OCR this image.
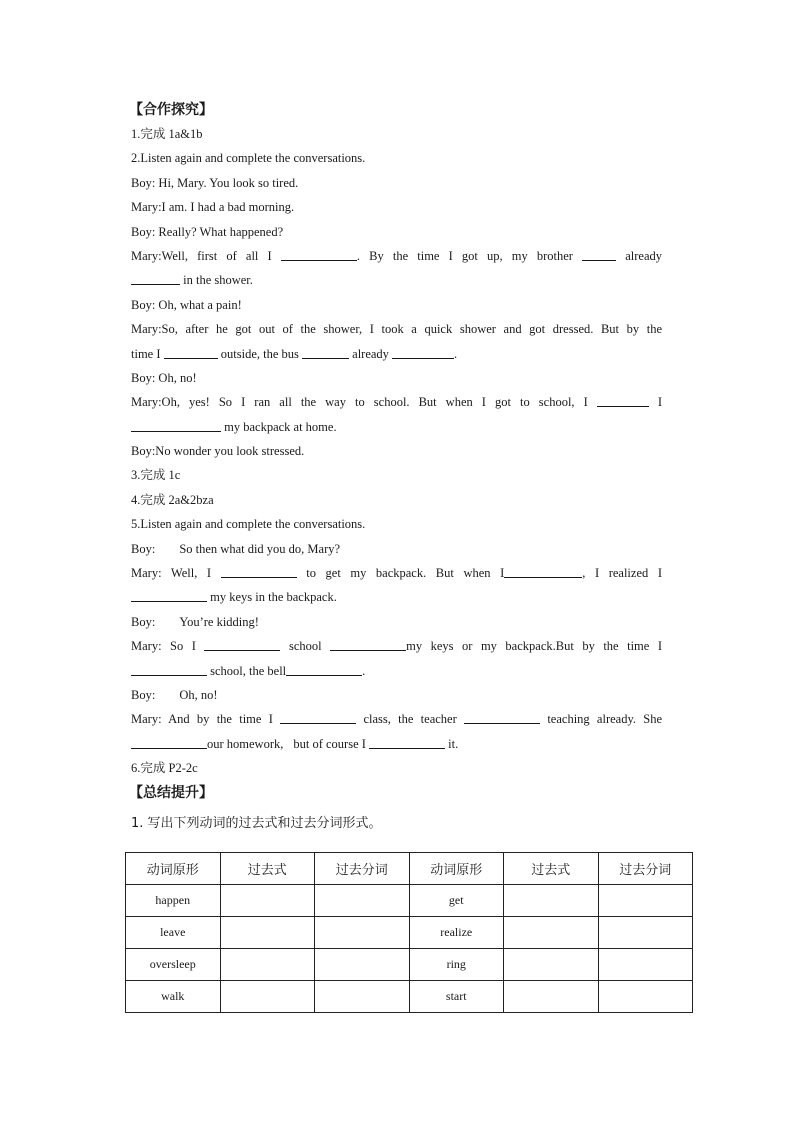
【合作探究】
1.完成 1a&1b
2.Listen again and complete the conversations.
Boy: Hi, Mary. You look so tired.
Mary:I am. I had a bad morning.
Boy: Really? What happened?
Mary:Well, first of all I	. By the time I got up, my brother	already
in the shower.
Boy: Oh, what a pain!
Mary:So, after he got out of the shower, I took a quick shower and got dressed. But by the
time I	outside, the bus	already	.
Boy: Oh, no!
Mary:Oh, yes! So I ran all the way to school. But when I got to school, I	I
my backpack at home.
Boy:No wonder you look stressed.
3.完成 1c
4.完成 2a&2bza
5.Listen again and complete the conversations.
Boy: So then what did you do, Mary?
Mary: Well, I	to get my backpack. But when I	, I realized I
my keys in the backpack.
Boy: You’re kidding!
Mary: So I	school	my keys or my backpack.But by the time I
school, the bell	.
Boy: Oh, no!
Mary: And by the time I	class, the teacher	teaching already. She
our homework, but of course I	it.
6.完成 P2-2c
【总结提升】
1. 写出下列动词的过去式和过去分词形式。
动词原形	过去式	过去分词	动词原形	过去式	过去分词
happen			get		
leave			realize		
oversleep			ring		
walk			start		
